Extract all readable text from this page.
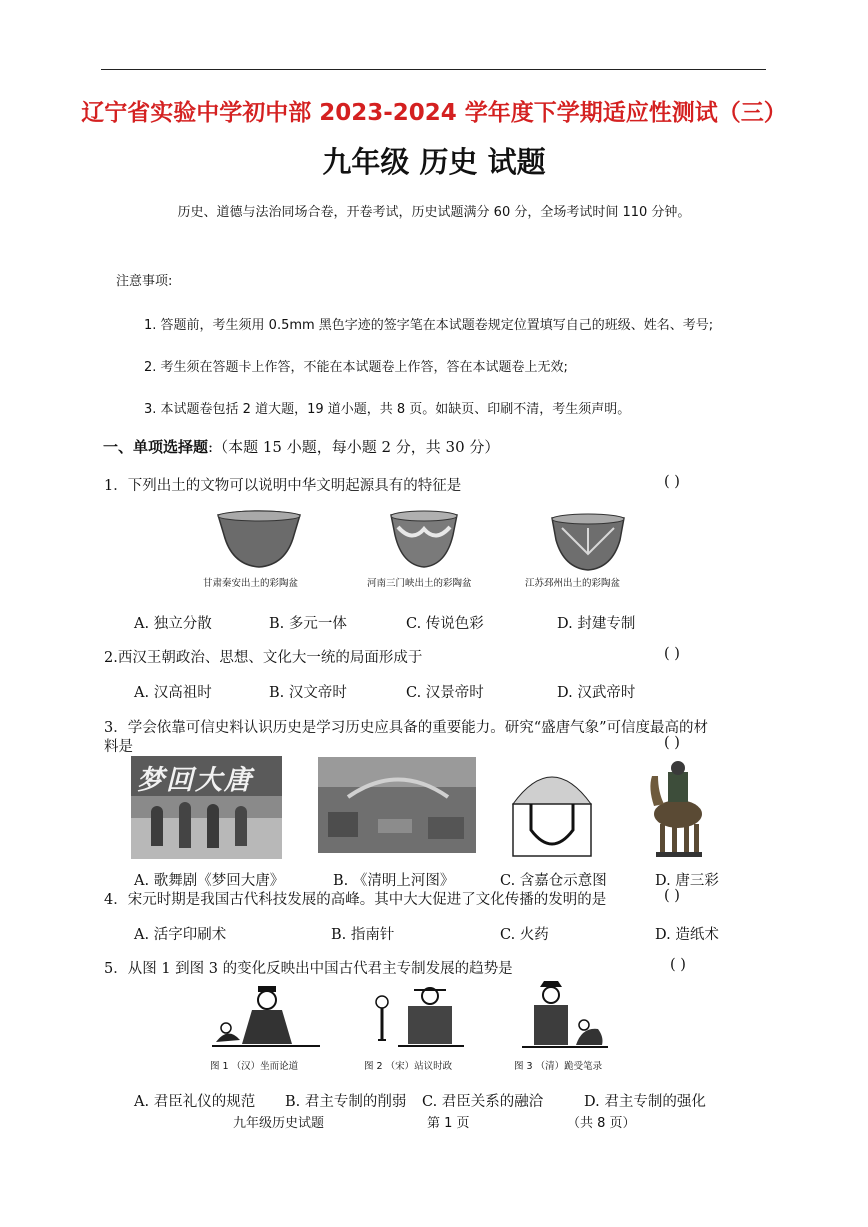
辽宁省实验中学初中部 2023-2024 学年度下学期适应性测试（三）
九年级 历史 试题
历史、道德与法治同场合卷，开卷考试，历史试题满分 60 分，全场考试时间 110 分钟。
注意事项:
1. 答题前，考生须用 0.5mm 黑色字迹的签字笔在本试题卷规定位置填写自己的班级、姓名、考号;
2. 考生须在答题卡上作答，不能在本试题卷上作答，答在本试题卷上无效;
3. 本试题卷包括 2 道大题，19 道小题，共 8 页。如缺页、印刷不清，考生须声明。
一、单项选择题:（本题 15 小题，每小题 2 分，共 30 分）
1．下列出土的文物可以说明中华文明起源具有的特征是	( )
甘肃秦安出土的彩陶盆	河南三门峡出土的彩陶盆	江苏邳州出土的彩陶盆
A. 独立分散	B. 多元一体	C. 传说色彩	D. 封建专制
2.西汉王朝政治、思想、文化大一统的局面形成于	( )
A. 汉高祖时	B. 汉文帝时	C. 汉景帝时	D. 汉武帝时
3．学会依靠可信史料认识历史是学习历史应具备的重要能力。研究“盛唐气象”可信度最高的材
料是	( )
梦回大唐
A. 歌舞剧《梦回大唐》	B. 《清明上河图》	C. 含嘉仓示意图	D. 唐三彩
4．宋元时期是我国古代科技发展的高峰。其中大大促进了文化传播的发明的是	( )
A. 活字印刷术	B. 指南针	C. 火药	D. 造纸术
5．从图 1 到图 3 的变化反映出中国古代君主专制发展的趋势是	( )
图 1 （汉）坐而论道	图 2 （宋）站议时政	图 3 （清）跪受笔录
A. 君臣礼仪的规范 B. 君主专制的削弱 C. 君臣关系的融洽	D. 君主专制的强化
九年级历史试题	第 1 页	（共 8 页）
